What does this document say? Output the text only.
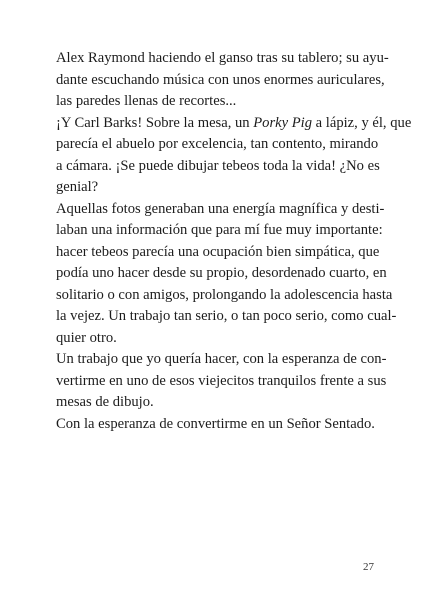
Alex Raymond haciendo el ganso tras su tablero; su ayu-
dante escuchando música con unos enormes auriculares,
las paredes llenas de recortes...
¡Y Carl Barks! Sobre la mesa, un Porky Pig a lápiz, y él, que
parecía el abuelo por excelencia, tan contento, mirando
a cámara. ¡Se puede dibujar tebeos toda la vida! ¿No es
genial?
Aquellas fotos generaban una energía magnífica y desti-
laban una información que para mí fue muy importante:
hacer tebeos parecía una ocupación bien simpática, que
podía uno hacer desde su propio, desordenado cuarto, en
solitario o con amigos, prolongando la adolescencia hasta
la vejez. Un trabajo tan serio, o tan poco serio, como cual-
quier otro.
Un trabajo que yo quería hacer, con la esperanza de con-
vertirme en uno de esos viejecitos tranquilos frente a sus
mesas de dibujo.
Con la esperanza de convertirme en un Señor Sentado.
27
